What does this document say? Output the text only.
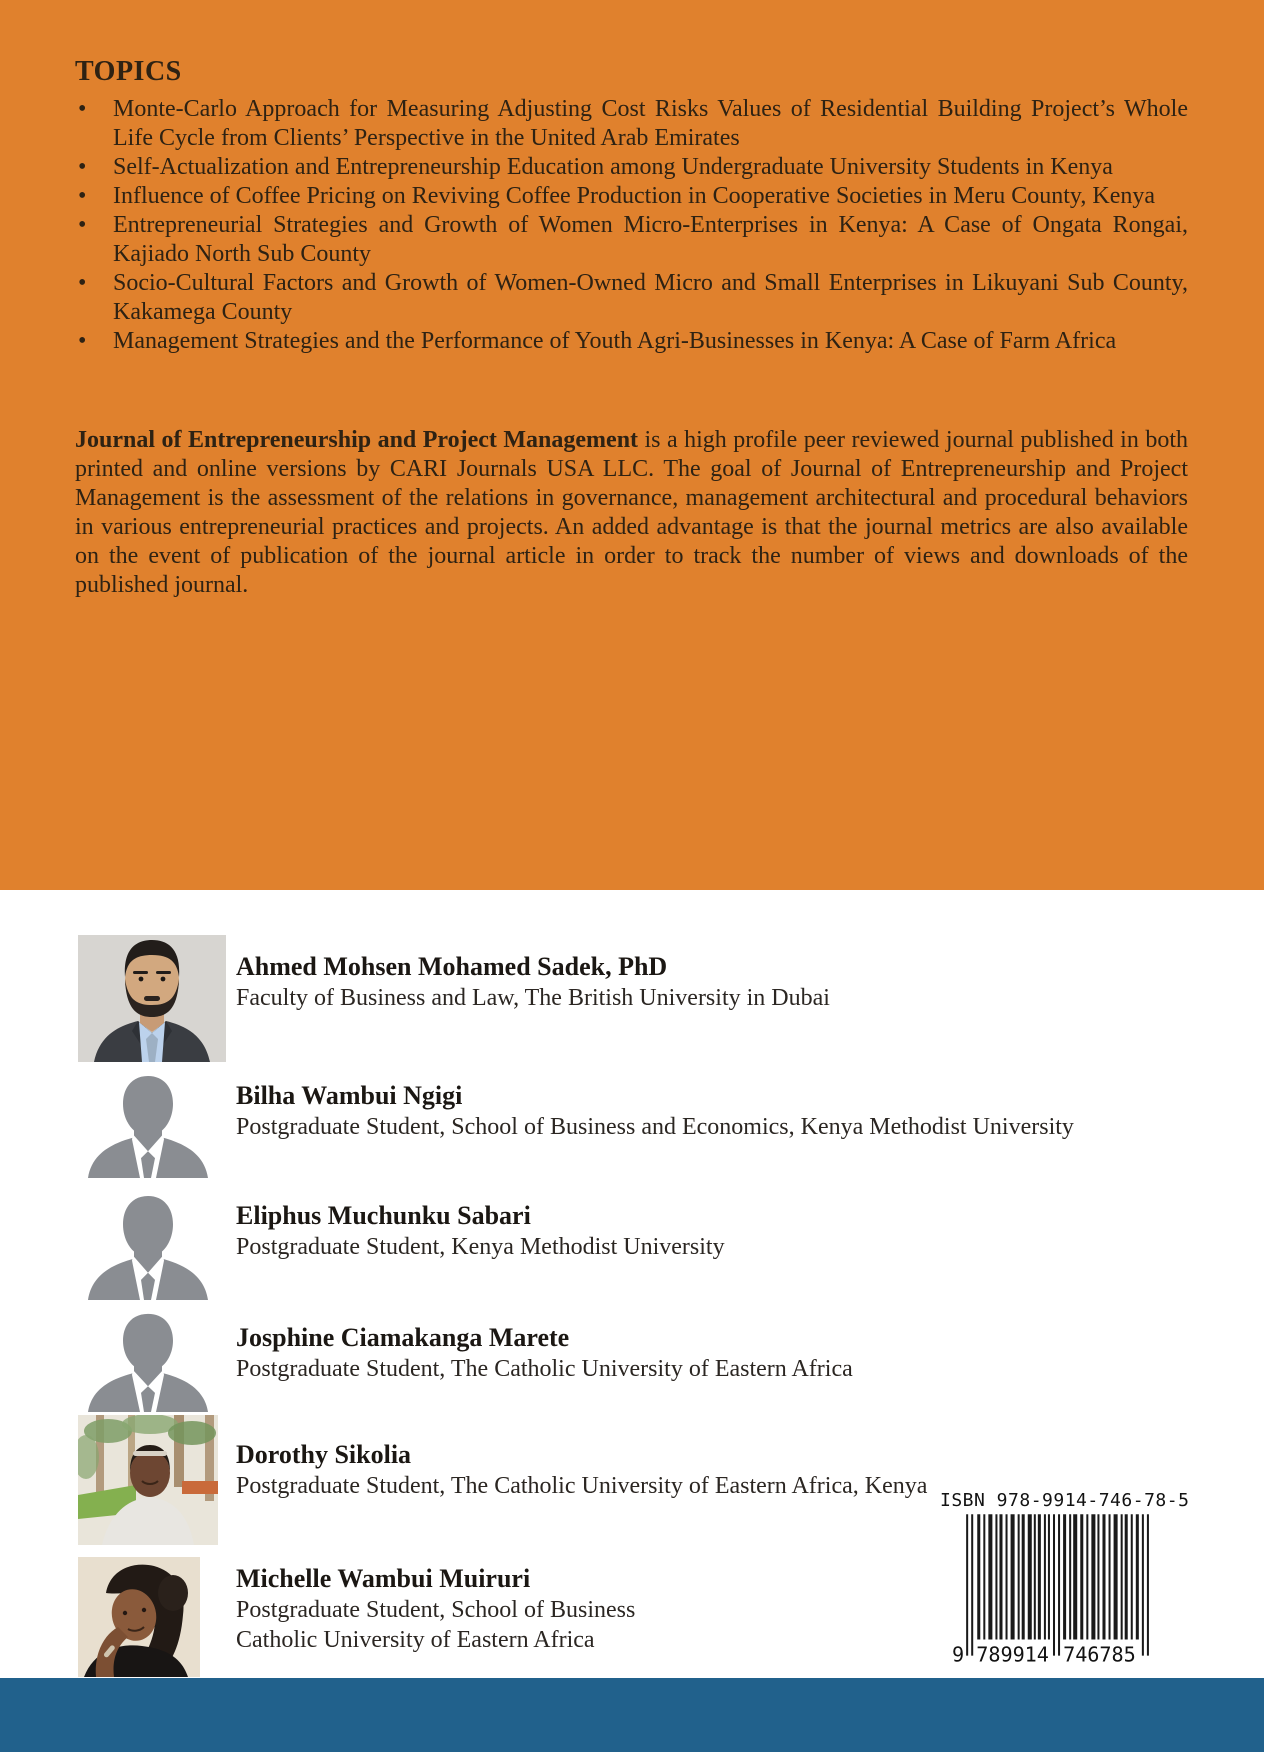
TOPICS
• Monte-Carlo Approach for Measuring Adjusting Cost Risks Values of Residential Building Project’s Whole Life Cycle from Clients’ Perspective in the United Arab Emirates
• Self-Actualization and Entrepreneurship Education among Undergraduate University Students in Kenya
• Influence of Coffee Pricing on Reviving Coffee Production in Cooperative Societies in Meru County, Kenya
• Entrepreneurial Strategies and Growth of Women Micro-Enterprises in Kenya: A Case of Ongata Rongai, Kajiado North Sub County
• Socio-Cultural Factors and Growth of Women-Owned Micro and Small Enterprises in Likuyani Sub County, Kakamega County
• Management Strategies and the Performance of Youth Agri-Businesses in Kenya: A Case of Farm Africa

Journal of Entrepreneurship and Project Management is a high profile peer reviewed journal published in both printed and online versions by CARI Journals USA LLC. The goal of Journal of Entrepreneurship and Project Management is the assessment of the relations in governance, management architectural and procedural behaviors in various entrepreneurial practices and projects. An added advantage is that the journal metrics are also available on the event of publication of the journal article in order to track the number of views and downloads of the published journal.

Ahmed Mohsen Mohamed Sadek, PhD
Faculty of Business and Law, The British University in Dubai
Bilha Wambui Ngigi
Postgraduate Student, School of Business and Economics, Kenya Methodist University
Eliphus Muchunku Sabari
Postgraduate Student, Kenya Methodist University
Josphine Ciamakanga Marete
Postgraduate Student, The Catholic University of Eastern Africa
Dorothy Sikolia
Postgraduate Student, The Catholic University of Eastern Africa, Kenya
Michelle Wambui Muiruri
Postgraduate Student, School of Business
Catholic University of Eastern Africa
ISBN 978-9914-746-78-5
9 789914 746785
